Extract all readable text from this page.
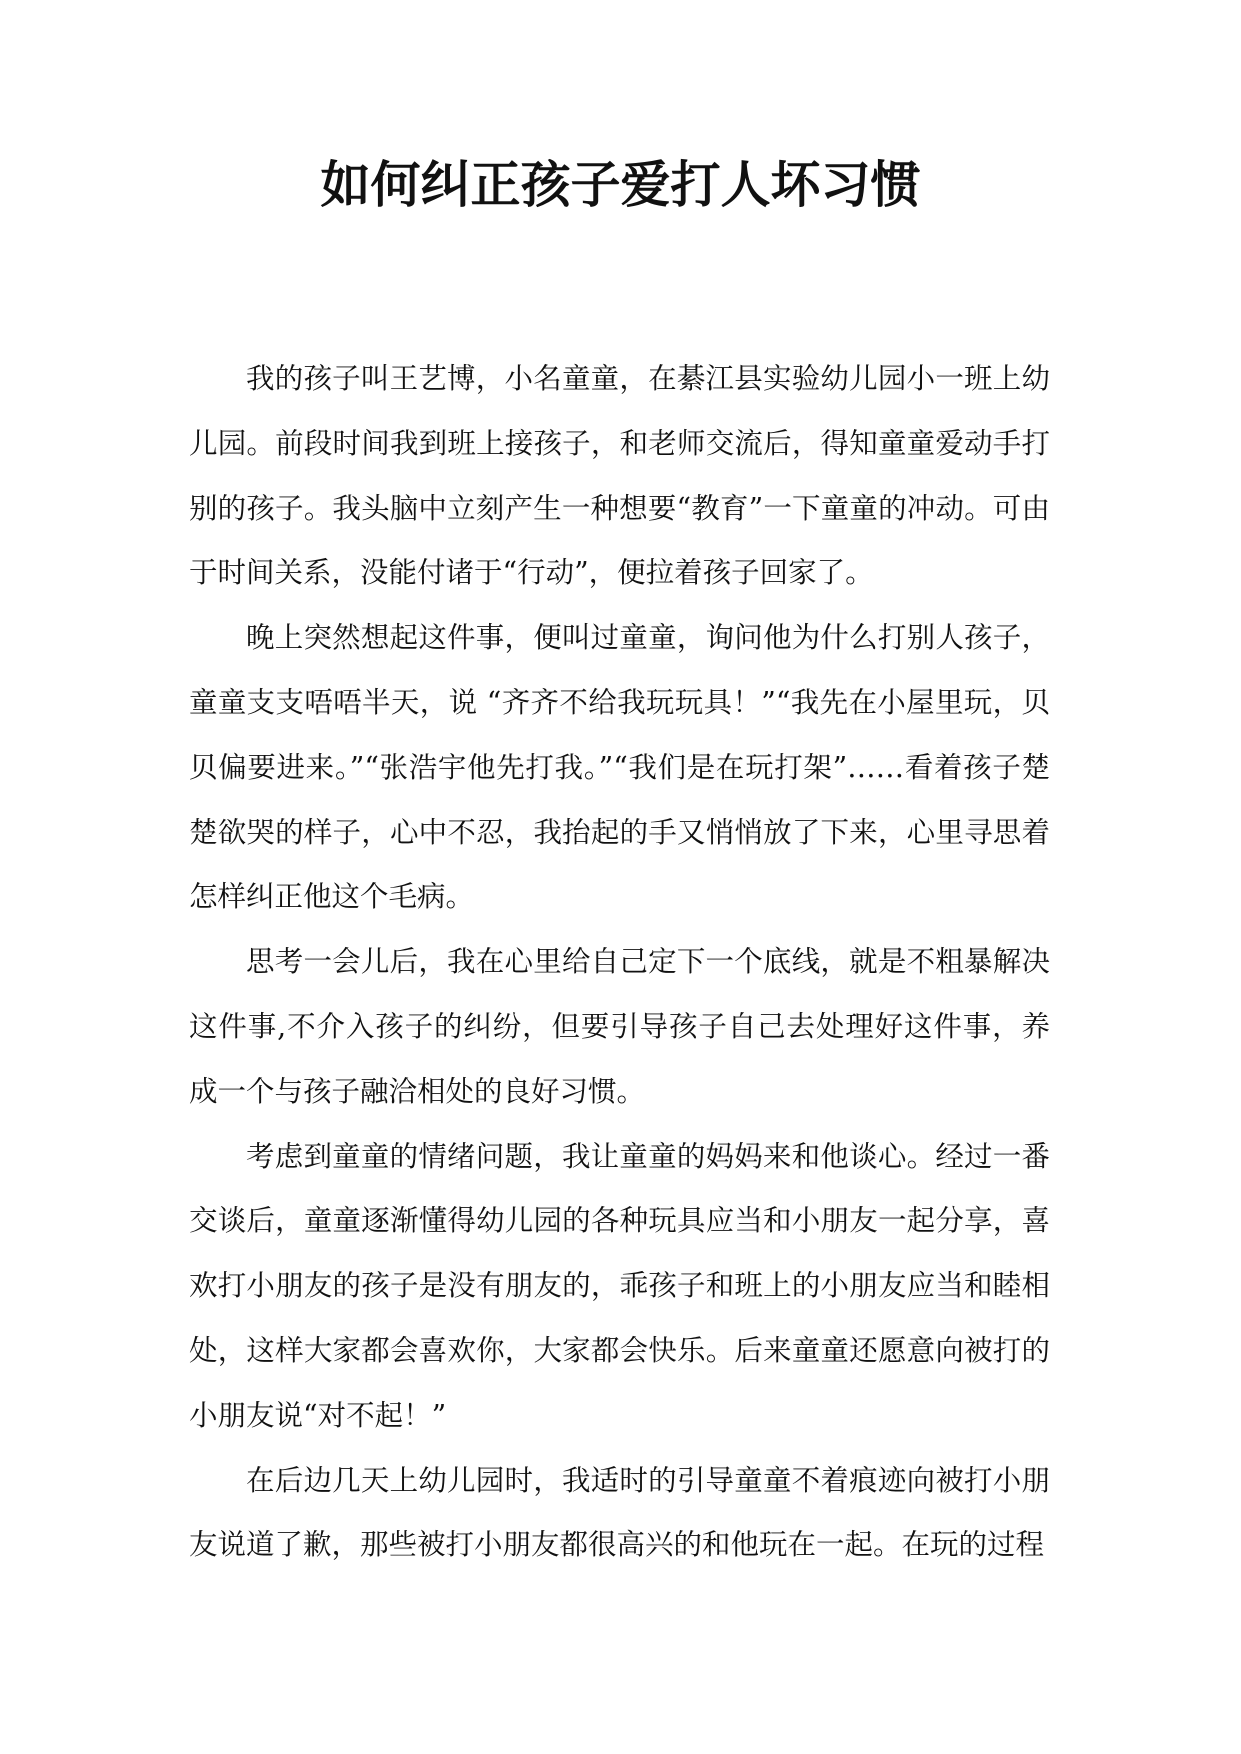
如何纠正孩子爱打人坏习惯

我的孩子叫王艺博，小名童童，在綦江县实验幼儿园小一班上幼儿园。前段时间我到班上接孩子，和老师交流后，得知童童爱动手打别的孩子。我头脑中立刻产生一种想要“教育”一下童童的冲动。可由于时间关系，没能付诸于“行动”，便拉着孩子回家了。

晚上突然想起这件事，便叫过童童，询问他为什么打别人孩子，童童支支唔唔半天，说 “齐齐不给我玩玩具！”“我先在小屋里玩，贝贝偏要进来。”“张浩宇他先打我。”“我们是在玩打架”……看着孩子楚楚欲哭的样子，心中不忍，我抬起的手又悄悄放了下来，心里寻思着怎样纠正他这个毛病。

思考一会儿后，我在心里给自己定下一个底线，就是不粗暴解决这件事,不介入孩子的纠纷，但要引导孩子自己去处理好这件事，养成一个与孩子融洽相处的良好习惯。

考虑到童童的情绪问题，我让童童的妈妈来和他谈心。经过一番交谈后，童童逐渐懂得幼儿园的各种玩具应当和小朋友一起分享，喜欢打小朋友的孩子是没有朋友的，乖孩子和班上的小朋友应当和睦相处，这样大家都会喜欢你，大家都会快乐。后来童童还愿意向被打的小朋友说“对不起！”

在后边几天上幼儿园时，我适时的引导童童不着痕迹向被打小朋友说道了歉，那些被打小朋友都很高兴的和他玩在一起。在玩的过程
